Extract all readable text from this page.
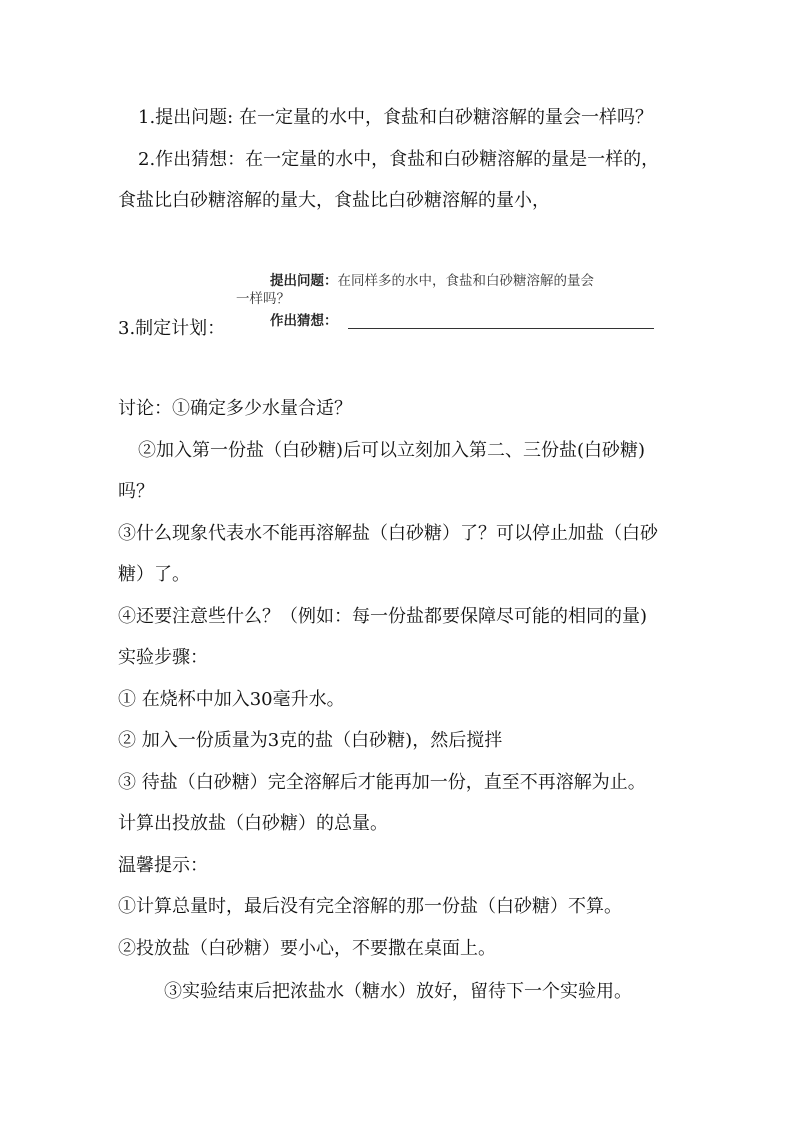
1.提出问题: 在一定量的水中，食盐和白砂糖溶解的量会一样吗？
2.作出猜想：在一定量的水中，食盐和白砂糖溶解的量是一样的，
食盐比白砂糖溶解的量大，食盐比白砂糖溶解的量小，
提出问题：在同样多的水中，食盐和白砂糖溶解的量会
一样吗？
作出猜想：
3.制定计划：
讨论：①确定多少水量合适？
②加入第一份盐（白砂糖)后可以立刻加入第二、三份盐(白砂糖)
吗？
③什么现象代表水不能再溶解盐（白砂糖）了？可以停止加盐（白砂
糖）了。
④还要注意些什么？（例如：每一份盐都要保障尽可能的相同的量)
实验步骤：
① 在烧杯中加入30毫升水。
② 加入一份质量为3克的盐（白砂糖)，然后搅拌
③ 待盐（白砂糖）完全溶解后才能再加一份，直至不再溶解为止。
计算出投放盐（白砂糖）的总量。
温馨提示：
①计算总量时，最后没有完全溶解的那一份盐（白砂糖）不算。
②投放盐（白砂糖）要小心，不要撒在桌面上。
③实验结束后把浓盐水（糖水）放好，留待下一个实验用。
